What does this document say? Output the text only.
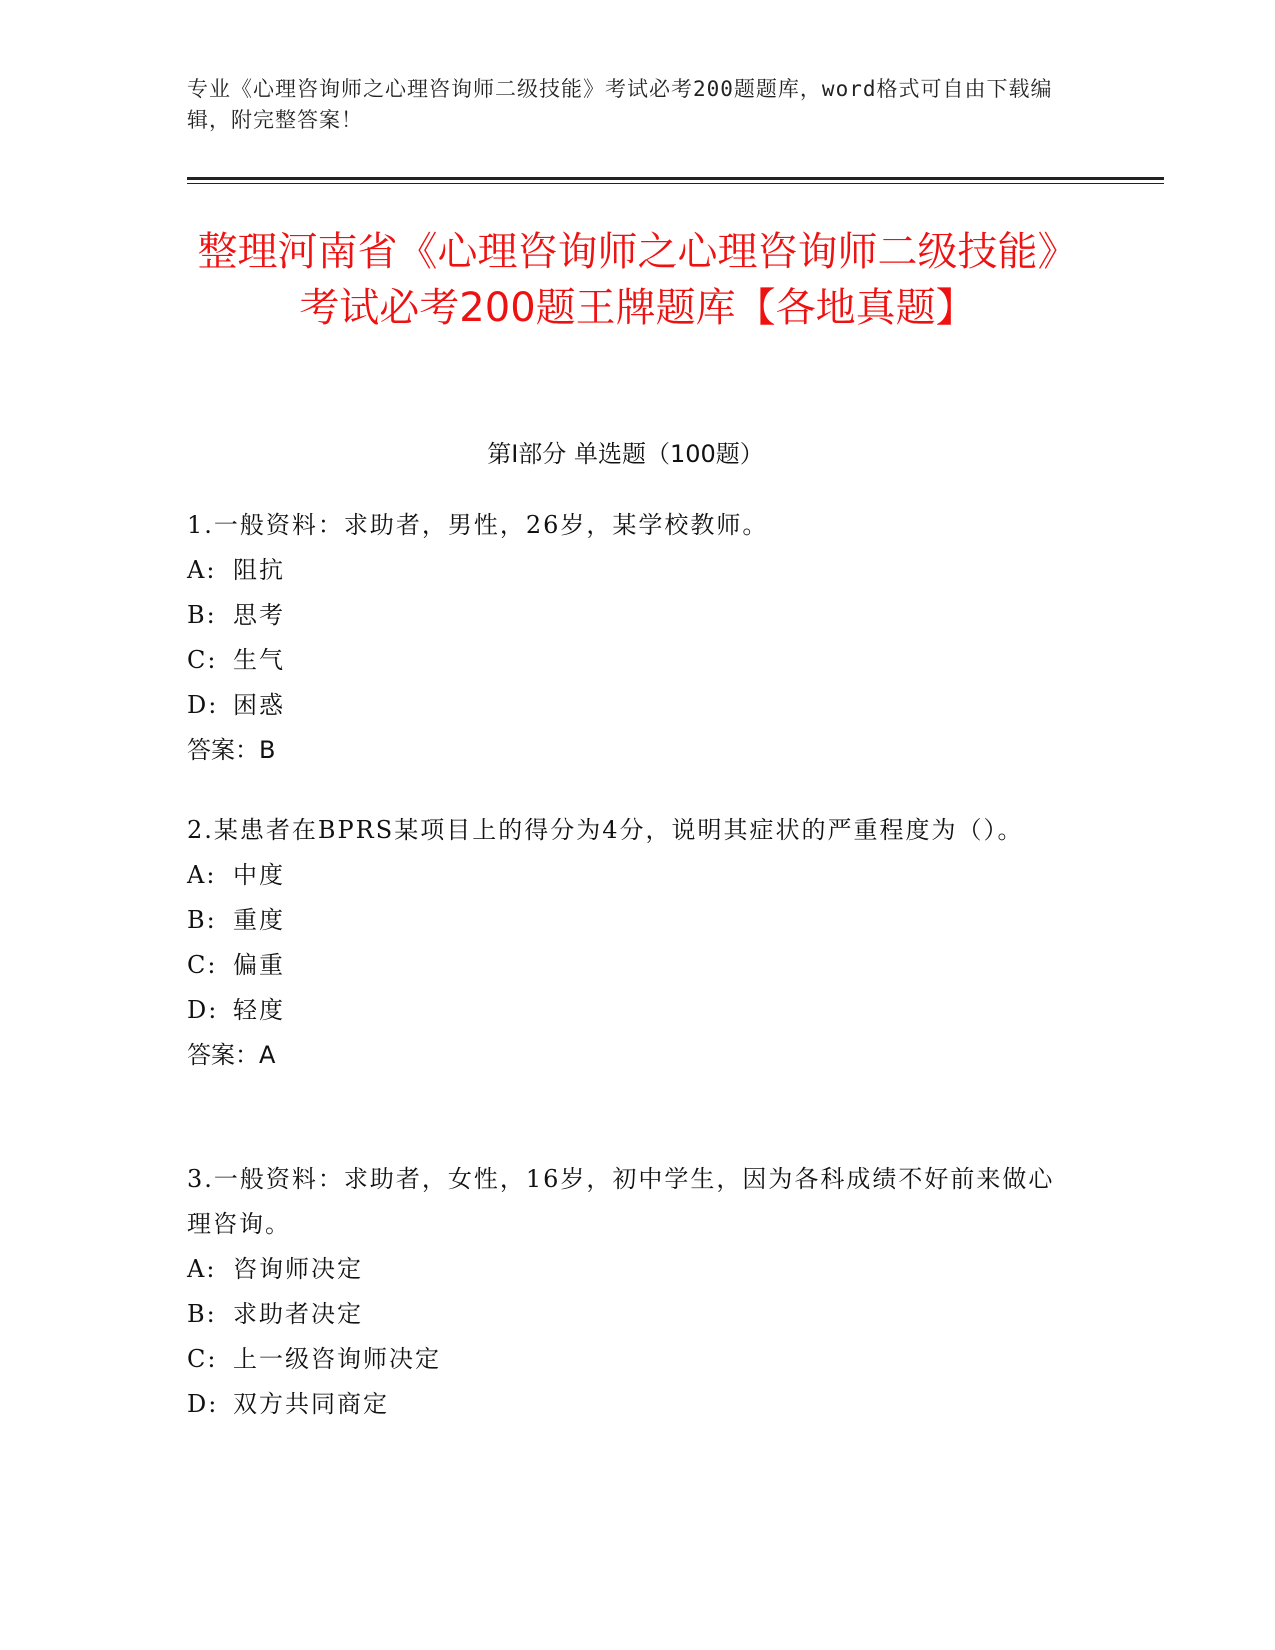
专业《心理咨询师之心理咨询师二级技能》考试必考200题题库，word格式可自由下载编辑，附完整答案！
整理河南省《心理咨询师之心理咨询师二级技能》考试必考200题王牌题库【各地真题】
第I部分 单选题（100题）

1.一般资料：求助者，男性，26岁，某学校教师。

A: 阻抗

B: 思考

C: 生气

D: 困惑

答案：B

2.某患者在BPRS某项目上的得分为4分，说明其症状的严重程度为（）。

A: 中度

B: 重度

C: 偏重

D: 轻度

答案：A

3.一般资料：求助者，女性，16岁，初中学生，因为各科成绩不好前来做心理咨询。

A: 咨询师决定

B: 求助者决定

C: 上一级咨询师决定

D: 双方共同商定
